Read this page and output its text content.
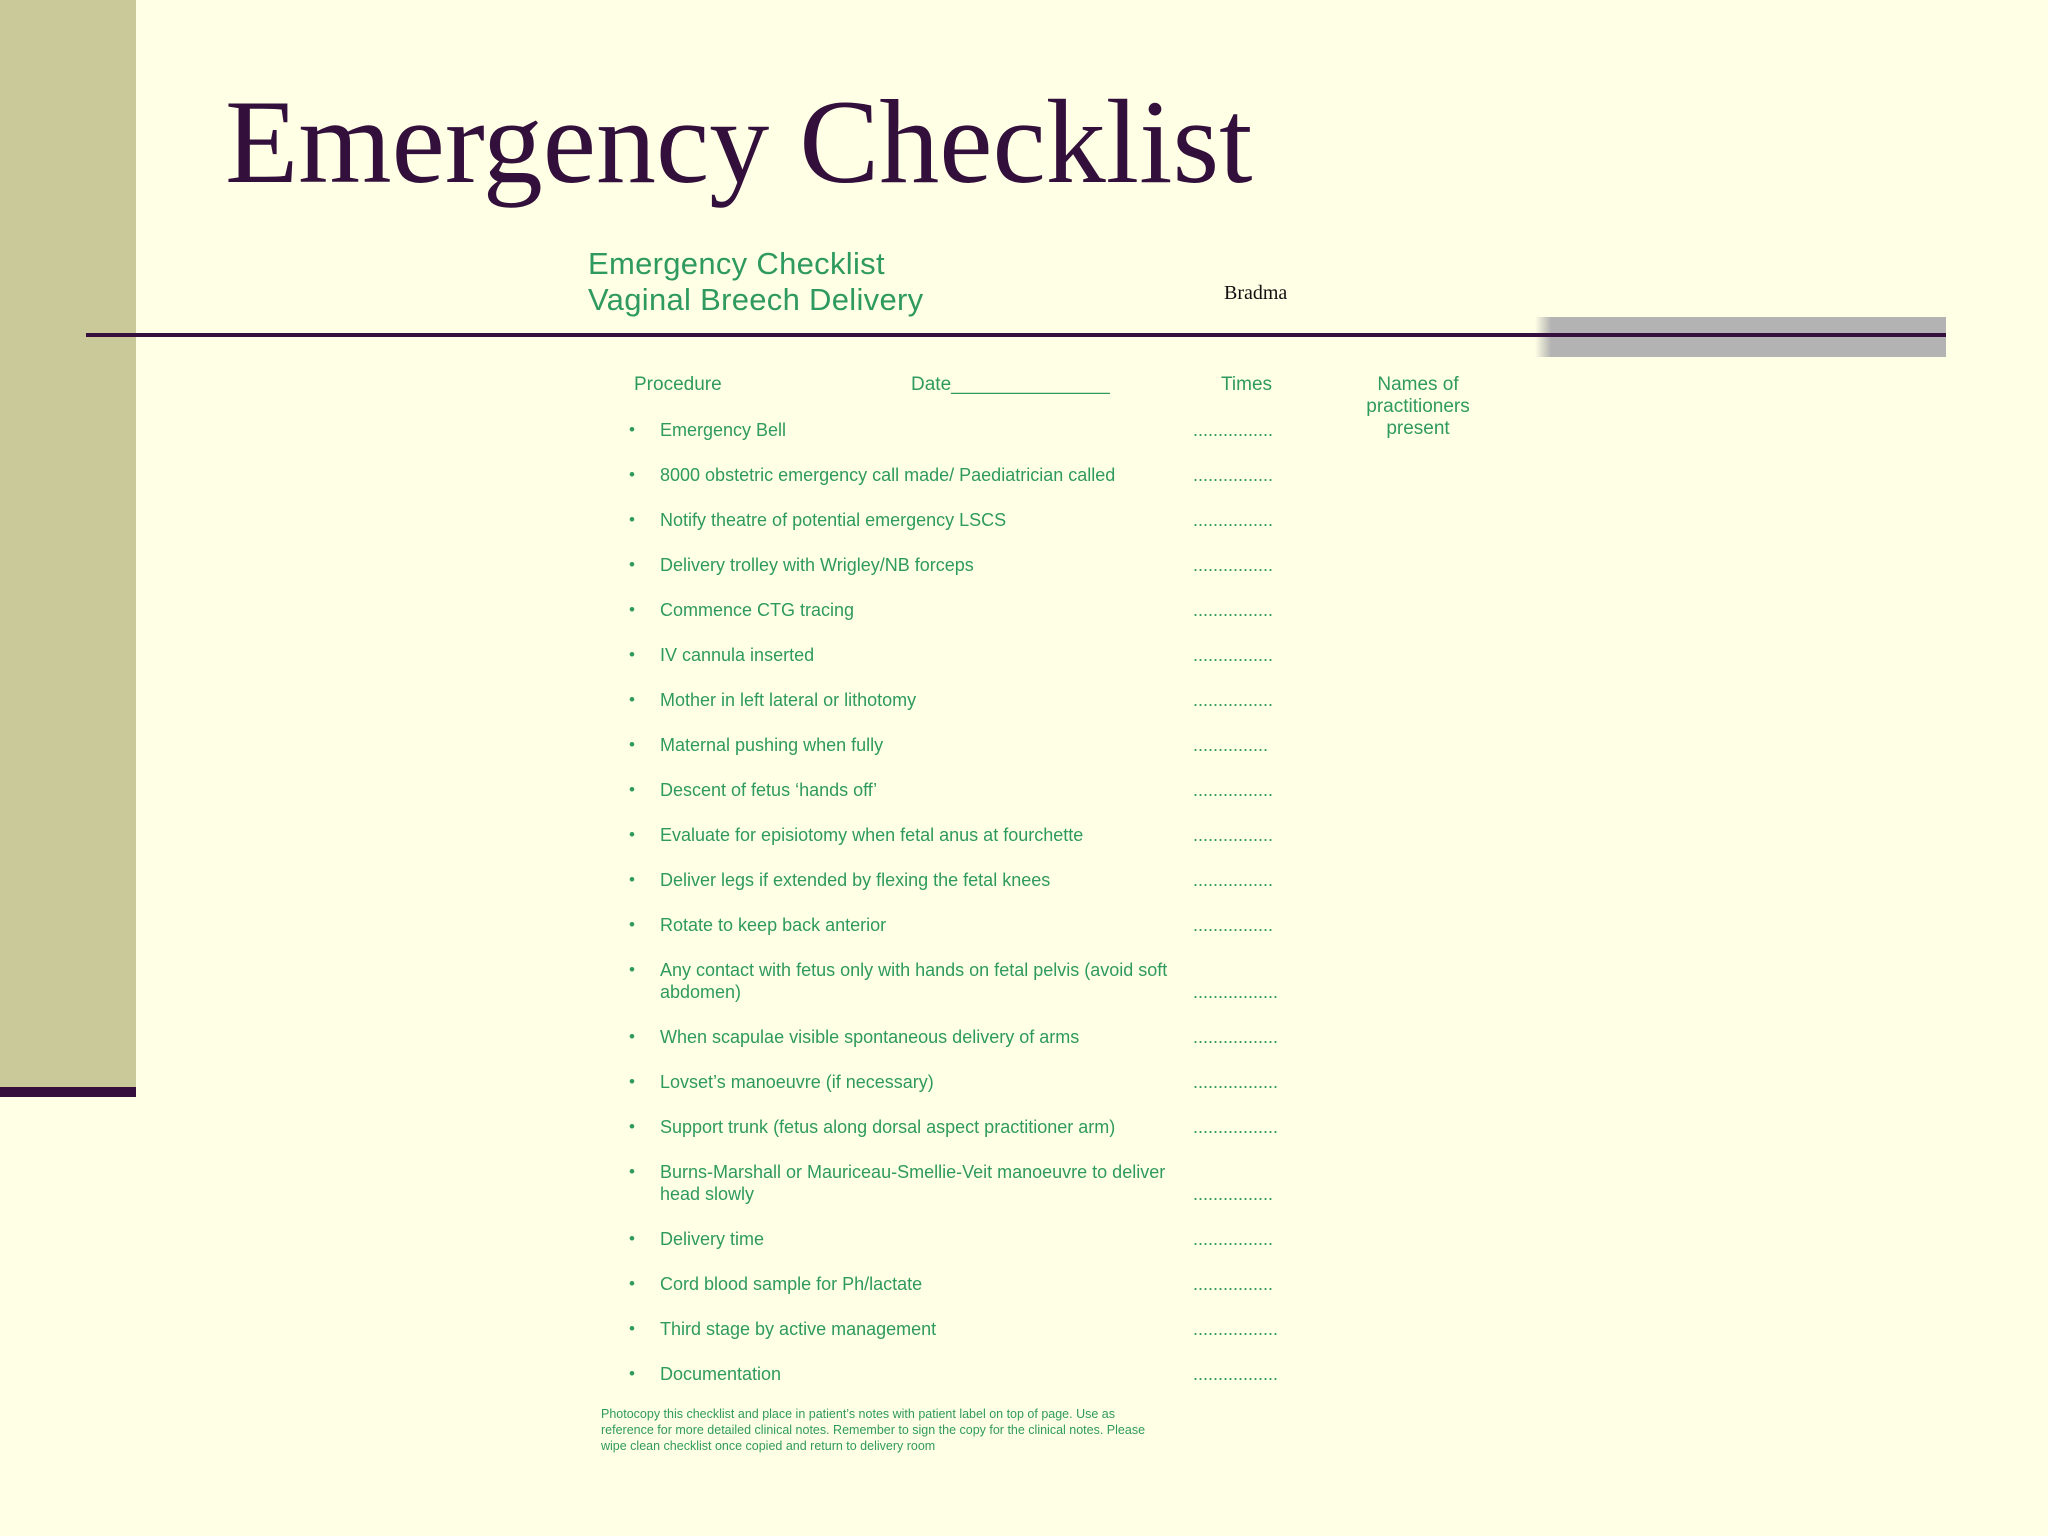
Emergency Checklist
Emergency Checklist
Vaginal Breech Delivery	Bradma
Procedure	Date_______________	Times	Names of practitioners present
• Emergency Bell	................
• 8000 obstetric emergency call made/ Paediatrician called	................
• Notify theatre of potential emergency LSCS	................
• Delivery trolley with Wrigley/NB forceps	................
• Commence CTG tracing	................
• IV cannula inserted	................
• Mother in left lateral or lithotomy	................
• Maternal pushing when fully	...............
• Descent of fetus ‘hands off’	................
• Evaluate for episiotomy when fetal anus at fourchette	................
• Deliver legs if extended by flexing the fetal knees	................
• Rotate to keep back anterior	................
• Any contact with fetus only with hands on fetal pelvis (avoid soft abdomen)	.................
• When scapulae visible spontaneous delivery of arms	.................
• Lovset’s manoeuvre (if necessary)	.................
• Support trunk (fetus along dorsal aspect practitioner arm)	.................
• Burns-Marshall or Mauriceau-Smellie-Veit manoeuvre to deliver head slowly	................
• Delivery time	................
• Cord blood sample for Ph/lactate	................
• Third stage by active management	.................
• Documentation	.................
Photocopy this checklist and place in patient’s notes with patient label on top of page. Use as reference for more detailed clinical notes. Remember to sign the copy for the clinical notes. Please wipe clean checklist once copied and return to delivery room
